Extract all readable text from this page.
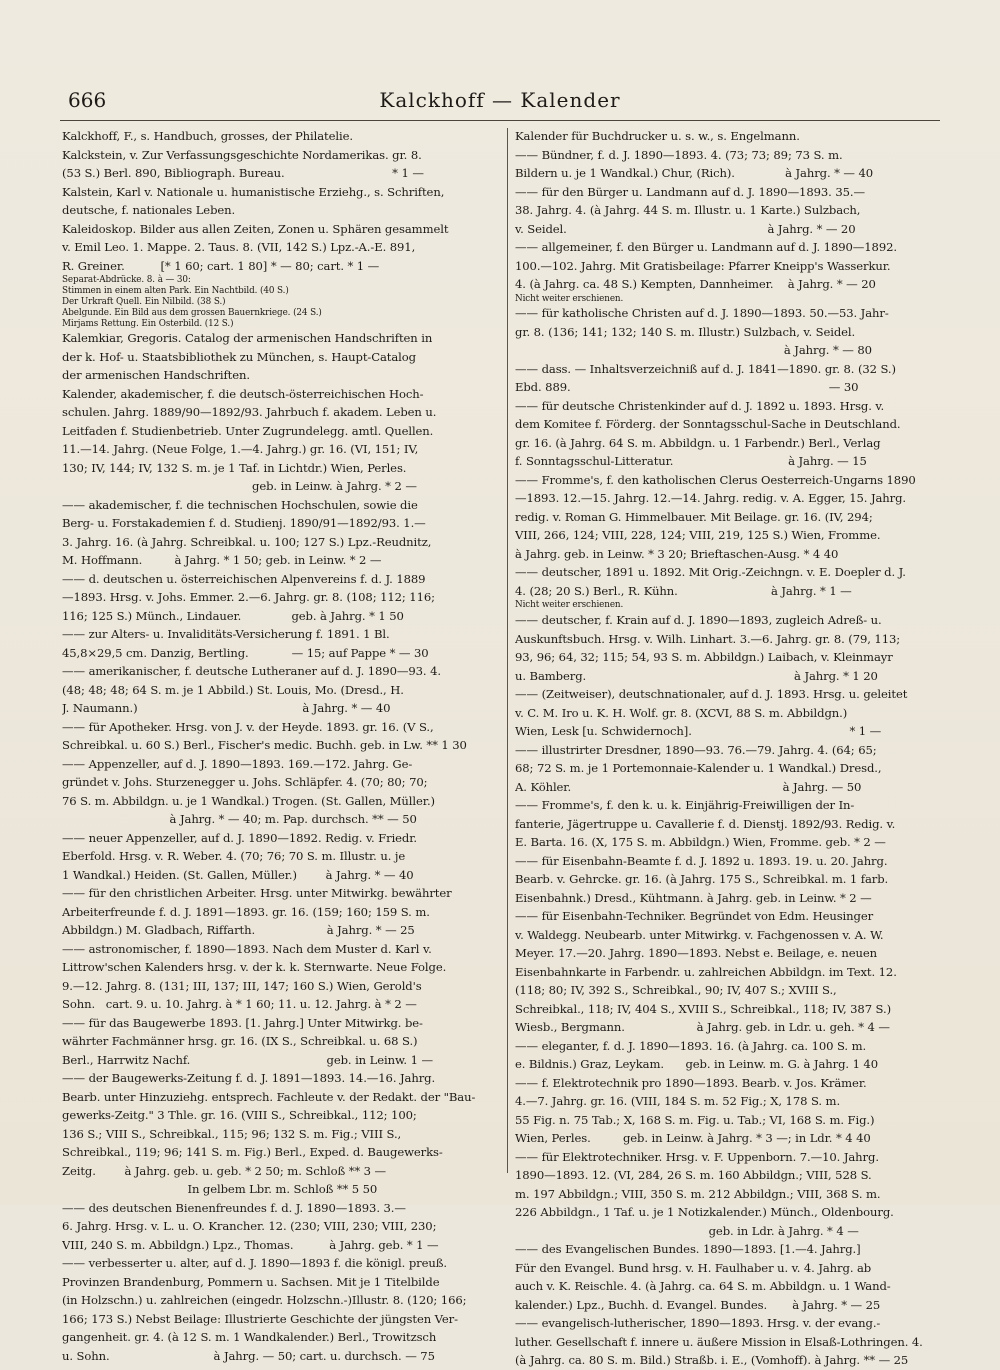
666	Kalckhoff — Kalender
Kalckhoff, F., s. Handbuch, grosses, der Philatelie.
Kalckstein, v. Zur Verfassungsgeschichte Nordamerikas. gr. 8.
(53 S.) Berl. 890, Bibliograph. Bureau.                              * 1 —
Kalstein, Karl v. Nationale u. humanistische Erziehg., s. Schriften,
deutsche, f. nationales Leben.
Kaleidoskop. Bilder aus allen Zeiten, Zonen u. Sphären gesammelt
v. Emil Leo. 1. Mappe. 2. Taus. 8. (VII, 142 S.) Lpz.-A.-E. 891,
R. Greiner.          [* 1 60; cart. 1 80] * — 80; cart. * 1 —
Separat-Abdrücke. 8. à — 30:
Stimmen in einem alten Park. Ein Nachtbild. (40 S.)
Der Urkraft Quell. Ein Nilbild. (38 S.)
Abelgunde. Ein Bild aus dem grossen Bauernkriege. (24 S.)
Mirjams Rettung. Ein Osterbild. (12 S.)
Kalemkiar, Gregoris. Catalog der armenischen Handschriften in
der k. Hof- u. Staatsbibliothek zu München, s. Haupt-Catalog
der armenischen Handschriften.
Kalender, akademischer, f. die deutsch-österreichischen Hoch-
schulen. Jahrg. 1889/90—1892/93. Jahrbuch f. akadem. Leben u.
Leitfaden f. Studienbetrieb. Unter Zugrundelegg. amtl. Quellen.
11.—14. Jahrg. (Neue Folge, 1.—4. Jahrg.) gr. 16. (VI, 151; IV,
130; IV, 144; IV, 132 S. m. je 1 Taf. in Lichtdr.) Wien, Perles.
geb. in Leinw. à Jahrg. * 2 —
—— akademischer, f. die technischen Hochschulen, sowie die
Berg- u. Forstakademien f. d. Studienj. 1890/91—1892/93. 1.—
3. Jahrg. 16. (à Jahrg. Schreibkal. u. 100; 127 S.) Lpz.-Reudnitz,
M. Hoffmann.         à Jahrg. * 1 50; geb. in Leinw. * 2 —
—— d. deutschen u. österreichischen Alpenvereins f. d. J. 1889
—1893. Hrsg. v. Johs. Emmer. 2.—6. Jahrg. gr. 8. (108; 112; 116;
116; 125 S.) Münch., Lindauer.              geb. à Jahrg. * 1 50
—— zur Alters- u. Invaliditäts-Versicherung f. 1891. 1 Bl.
45,8×29,5 cm. Danzig, Bertling.            — 15; auf Pappe * — 30
—— amerikanischer, f. deutsche Lutheraner auf d. J. 1890—93. 4.
(48; 48; 48; 64 S. m. je 1 Abbild.) St. Louis, Mo. (Dresd., H.
J. Naumann.)                                              à Jahrg. * — 40
—— für Apotheker. Hrsg. von J. v. der Heyde. 1893. gr. 16. (V S.,
Schreibkal. u. 60 S.) Berl., Fischer's medic. Buchh. geb. in Lw. ** 1 30
—— Appenzeller, auf d. J. 1890—1893. 169.—172. Jahrg. Ge-
gründet v. Johs. Sturzenegger u. Johs. Schläpfer. 4. (70; 80; 70;
76 S. m. Abbildgn. u. je 1 Wandkal.) Trogen. (St. Gallen, Müller.)
à Jahrg. * — 40; m. Pap. durchsch. ** — 50
—— neuer Appenzeller, auf d. J. 1890—1892. Redig. v. Friedr.
Eberfold. Hrsg. v. R. Weber. 4. (70; 76; 70 S. m. Illustr. u. je
1 Wandkal.) Heiden. (St. Gallen, Müller.)        à Jahrg. * — 40
—— für den christlichen Arbeiter. Hrsg. unter Mitwirkg. bewährter
Arbeiterfreunde f. d. J. 1891—1893. gr. 16. (159; 160; 159 S. m.
Abbildgn.) M. Gladbach, Riffarth.                    à Jahrg. * — 25
—— astronomischer, f. 1890—1893. Nach dem Muster d. Karl v.
Littrow'schen Kalenders hrsg. v. der k. k. Sternwarte. Neue Folge.
9.—12. Jahrg. 8. (131; III, 137; III, 147; 160 S.) Wien, Gerold's
Sohn.   cart. 9. u. 10. Jahrg. à * 1 60; 11. u. 12. Jahrg. à * 2 —
—— für das Baugewerbe 1893. [1. Jahrg.] Unter Mitwirkg. be-
währter Fachmänner hrsg. gr. 16. (IX S., Schreibkal. u. 68 S.)
Berl., Harrwitz Nachf.                                      geb. in Leinw. 1 —
—— der Baugewerks-Zeitung f. d. J. 1891—1893. 14.—16. Jahrg.
Bearb. unter Hinzuziehg. entsprech. Fachleute v. der Redakt. der "Bau-
gewerks-Zeitg." 3 Thle. gr. 16. (VIII S., Schreibkal., 112; 100;
136 S.; VIII S., Schreibkal., 115; 96; 132 S. m. Fig.; VIII S.,
Schreibkal., 119; 96; 141 S. m. Fig.) Berl., Exped. d. Baugewerks-
Zeitg.        à Jahrg. geb. u. geb. * 2 50; m. Schloß ** 3 —
In gelbem Lbr. m. Schloß ** 5 50
—— des deutschen Bienenfreundes f. d. J. 1890—1893. 3.—
6. Jahrg. Hrsg. v. L. u. O. Krancher. 12. (230; VIII, 230; VIII, 230;
VIII, 240 S. m. Abbildgn.) Lpz., Thomas.          à Jahrg. geb. * 1 —
—— verbesserter u. alter, auf d. J. 1890—1893 f. die königl. preuß.
Provinzen Brandenburg, Pommern u. Sachsen. Mit je 1 Titelbilde
(in Holzschn.) u. zahlreichen (eingedr. Holzschn.-)Illustr. 8. (120; 166;
166; 173 S.) Nebst Beilage: Illustrierte Geschichte der jüngsten Ver-
gangenheit. gr. 4. (à 12 S. m. 1 Wandkalender.) Berl., Trowitzsch
u. Sohn.                             à Jahrg. — 50; cart. u. durchsch. — 75
Kalender für Buchdrucker u. s. w., s. Engelmann.
—— Bündner, f. d. J. 1890—1893. 4. (73; 73; 89; 73 S. m.
Bildern u. je 1 Wandkal.) Chur, (Rich).              à Jahrg. * — 40
—— für den Bürger u. Landmann auf d. J. 1890—1893. 35.—
38. Jahrg. 4. (à Jahrg. 44 S. m. Illustr. u. 1 Karte.) Sulzbach,
v. Seidel.                                                        à Jahrg. * — 20
—— allgemeiner, f. den Bürger u. Landmann auf d. J. 1890—1892.
100.—102. Jahrg. Mit Gratisbeilage: Pfarrer Kneipp's Wasserkur.
4. (à Jahrg. ca. 48 S.) Kempten, Dannheimer.    à Jahrg. * — 20
Nicht weiter erschienen.
—— für katholische Christen auf d. J. 1890—1893. 50.—53. Jahr-
gr. 8. (136; 141; 132; 140 S. m. Illustr.) Sulzbach, v. Seidel.
à Jahrg. * — 80
—— dass. — Inhaltsverzeichniß auf d. J. 1841—1890. gr. 8. (32 S.)
Ebd. 889.                                                                        — 30
—— für deutsche Christenkinder auf d. J. 1892 u. 1893. Hrsg. v.
dem Komitee f. Förderg. der Sonntagsschul-Sache in Deutschland.
gr. 16. (à Jahrg. 64 S. m. Abbildgn. u. 1 Farbendr.) Berl., Verlag
f. Sonntagsschul-Litteratur.                                à Jahrg. — 15
—— Fromme's, f. den katholischen Clerus Oesterreich-Ungarns 1890
—1893. 12.—15. Jahrg. 12.—14. Jahrg. redig. v. A. Egger, 15. Jahrg.
redig. v. Roman G. Himmelbauer. Mit Beilage. gr. 16. (IV, 294;
VIII, 266, 124; VIII, 228, 124; VIII, 219, 125 S.) Wien, Fromme.
à Jahrg. geb. in Leinw. * 3 20; Brieftaschen-Ausg. * 4 40
—— deutscher, 1891 u. 1892. Mit Orig.-Zeichngn. v. E. Doepler d. J.
4. (28; 20 S.) Berl., R. Kühn.                          à Jahrg. * 1 —
Nicht weiter erschienen.
—— deutscher, f. Krain auf d. J. 1890—1893, zugleich Adreß- u.
Auskunftsbuch. Hrsg. v. Wilh. Linhart. 3.—6. Jahrg. gr. 8. (79, 113;
93, 96; 64, 32; 115; 54, 93 S. m. Abbildgn.) Laibach, v. Kleinmayr
u. Bamberg.                                                          à Jahrg. * 1 20
—— (Zeitweiser), deutschnationaler, auf d. J. 1893. Hrsg. u. geleitet
v. C. M. Iro u. K. H. Wolf. gr. 8. (XCVI, 88 S. m. Abbildgn.)
Wien, Lesk [u. Schwidernoch].                                            * 1 —
—— illustrirter Dresdner, 1890—93. 76.—79. Jahrg. 4. (64; 65;
68; 72 S. m. je 1 Portemonnaie-Kalender u. 1 Wandkal.) Dresd.,
A. Köhler.                                                           à Jahrg. — 50
—— Fromme's, f. den k. u. k. Einjährig-Freiwilligen der In-
fanterie, Jägertruppe u. Cavallerie f. d. Dienstj. 1892/93. Redig. v.
E. Barta. 16. (X, 175 S. m. Abbildgn.) Wien, Fromme. geb. * 2 —
—— für Eisenbahn-Beamte f. d. J. 1892 u. 1893. 19. u. 20. Jahrg.
Bearb. v. Gehrcke. gr. 16. (à Jahrg. 175 S., Schreibkal. m. 1 farb.
Eisenbahnk.) Dresd., Kühtmann. à Jahrg. geb. in Leinw. * 2 —
—— für Eisenbahn-Techniker. Begründet von Edm. Heusinger
v. Waldegg. Neubearb. unter Mitwirkg. v. Fachgenossen v. A. W.
Meyer. 17.—20. Jahrg. 1890—1893. Nebst e. Beilage, e. neuen
Eisenbahnkarte in Farbendr. u. zahlreichen Abbildgn. im Text. 12.
(118; 80; IV, 392 S., Schreibkal., 90; IV, 407 S.; XVIII S.,
Schreibkal., 118; IV, 404 S., XVIII S., Schreibkal., 118; IV, 387 S.)
Wiesb., Bergmann.                    à Jahrg. geb. in Ldr. u. geh. * 4 —
—— eleganter, f. d. J. 1890—1893. 16. (à Jahrg. ca. 100 S. m.
e. Bildnis.) Graz, Leykam.      geb. in Leinw. m. G. à Jahrg. 1 40
—— f. Elektrotechnik pro 1890—1893. Bearb. v. Jos. Krämer.
4.—7. Jahrg. gr. 16. (VIII, 184 S. m. 52 Fig.; X, 178 S. m.
55 Fig. n. 75 Tab.; X, 168 S. m. Fig. u. Tab.; VI, 168 S. m. Fig.)
Wien, Perles.         geb. in Leinw. à Jahrg. * 3 —; in Ldr. * 4 40
—— für Elektrotechniker. Hrsg. v. F. Uppenborn. 7.—10. Jahrg.
1890—1893. 12. (VI, 284, 26 S. m. 160 Abbildgn.; VIII, 528 S.
m. 197 Abbildgn.; VIII, 350 S. m. 212 Abbildgn.; VIII, 368 S. m.
226 Abbildgn., 1 Taf. u. je 1 Notizkalender.) Münch., Oldenbourg.
geb. in Ldr. à Jahrg. * 4 —
—— des Evangelischen Bundes. 1890—1893. [1.—4. Jahrg.]
Für den Evangel. Bund hrsg. v. H. Faulhaber u. v. 4. Jahrg. ab
auch v. K. Reischle. 4. (à Jahrg. ca. 64 S. m. Abbildgn. u. 1 Wand-
kalender.) Lpz., Buchh. d. Evangel. Bundes.       à Jahrg. * — 25
—— evangelisch-lutherischer, 1890—1893. Hrsg. v. der evang.-
luther. Gesellschaft f. innere u. äußere Mission in Elsaß-Lothringen. 4.
(à Jahrg. ca. 80 S. m. Bild.) Straßb. i. E., (Vomhoff). à Jahrg. ** — 25
